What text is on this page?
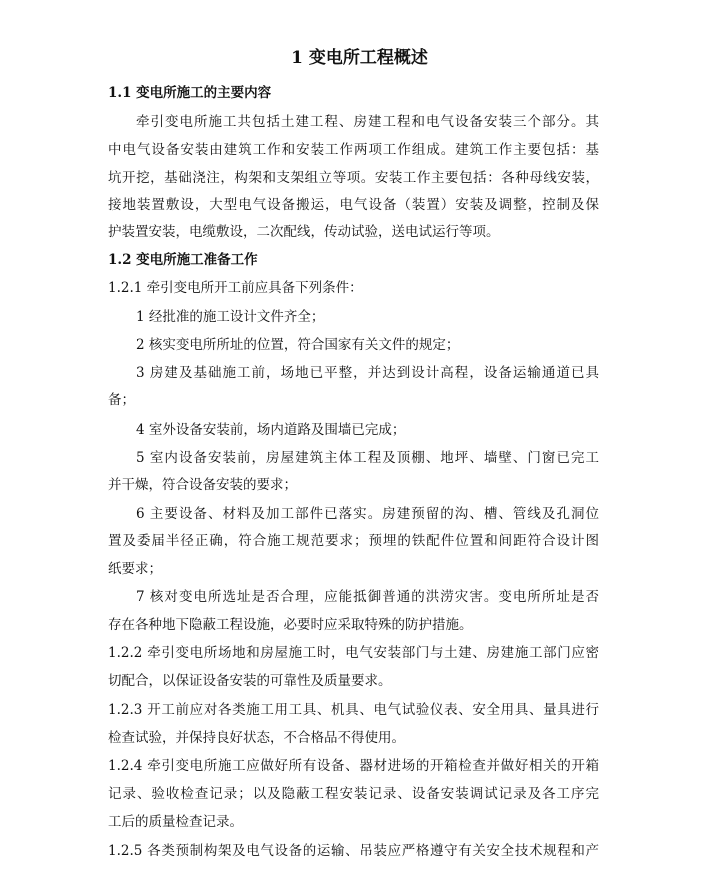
1 变电所工程概述
1.1 变电所施工的主要内容
牵引变电所施工共包括土建工程、房建工程和电气设备安装三个部分。其
中电气设备安装由建筑工作和安装工作两项工作组成。建筑工作主要包括：基
坑开挖，基础浇注，构架和支架组立等项。安装工作主要包括：各种母线安装，
接地装置敷设，大型电气设备搬运，电气设备（装置）安装及调整，控制及保
护装置安装，电缆敷设，二次配线，传动试验，送电试运行等项。
1.2 变电所施工准备工作
1.2.1 牵引变电所开工前应具备下列条件：
1 经批准的施工设计文件齐全；
2 核实变电所所址的位置，符合国家有关文件的规定；
3 房建及基础施工前，场地已平整，并达到设计高程，设备运输通道已具
备；
4 室外设备安装前，场内道路及围墙已完成；
5 室内设备安装前，房屋建筑主体工程及顶棚、地坪、墙壁、门窗已完工
并干燥，符合设备安装的要求；
6 主要设备、材料及加工部件已落实。房建预留的沟、槽、管线及孔洞位
置及委届半径正确，符合施工规范要求；预埋的铁配件位置和间距符合设计图
纸要求；
7 核对变电所选址是否合理，应能抵御普通的洪涝灾害。变电所所址是否
存在各种地下隐蔽工程设施，必要时应采取特殊的防护措施。
1.2.2 牵引变电所场地和房屋施工时，电气安装部门与土建、房建施工部门应密
切配合，以保证设备安装的可靠性及质量要求。
1.2.3 开工前应对各类施工用工具、机具、电气试验仪表、安全用具、量具进行
检查试验，并保持良好状态，不合格品不得使用。
1.2.4 牵引变电所施工应做好所有设备、器材进场的开箱检查并做好相关的开箱
记录、验收检查记录；以及隐蔽工程安装记录、设备安装调试记录及各工序完
工后的质量检查记录。
1.2.5 各类预制构架及电气设备的运输、吊装应严格遵守有关安全技术规程和产
